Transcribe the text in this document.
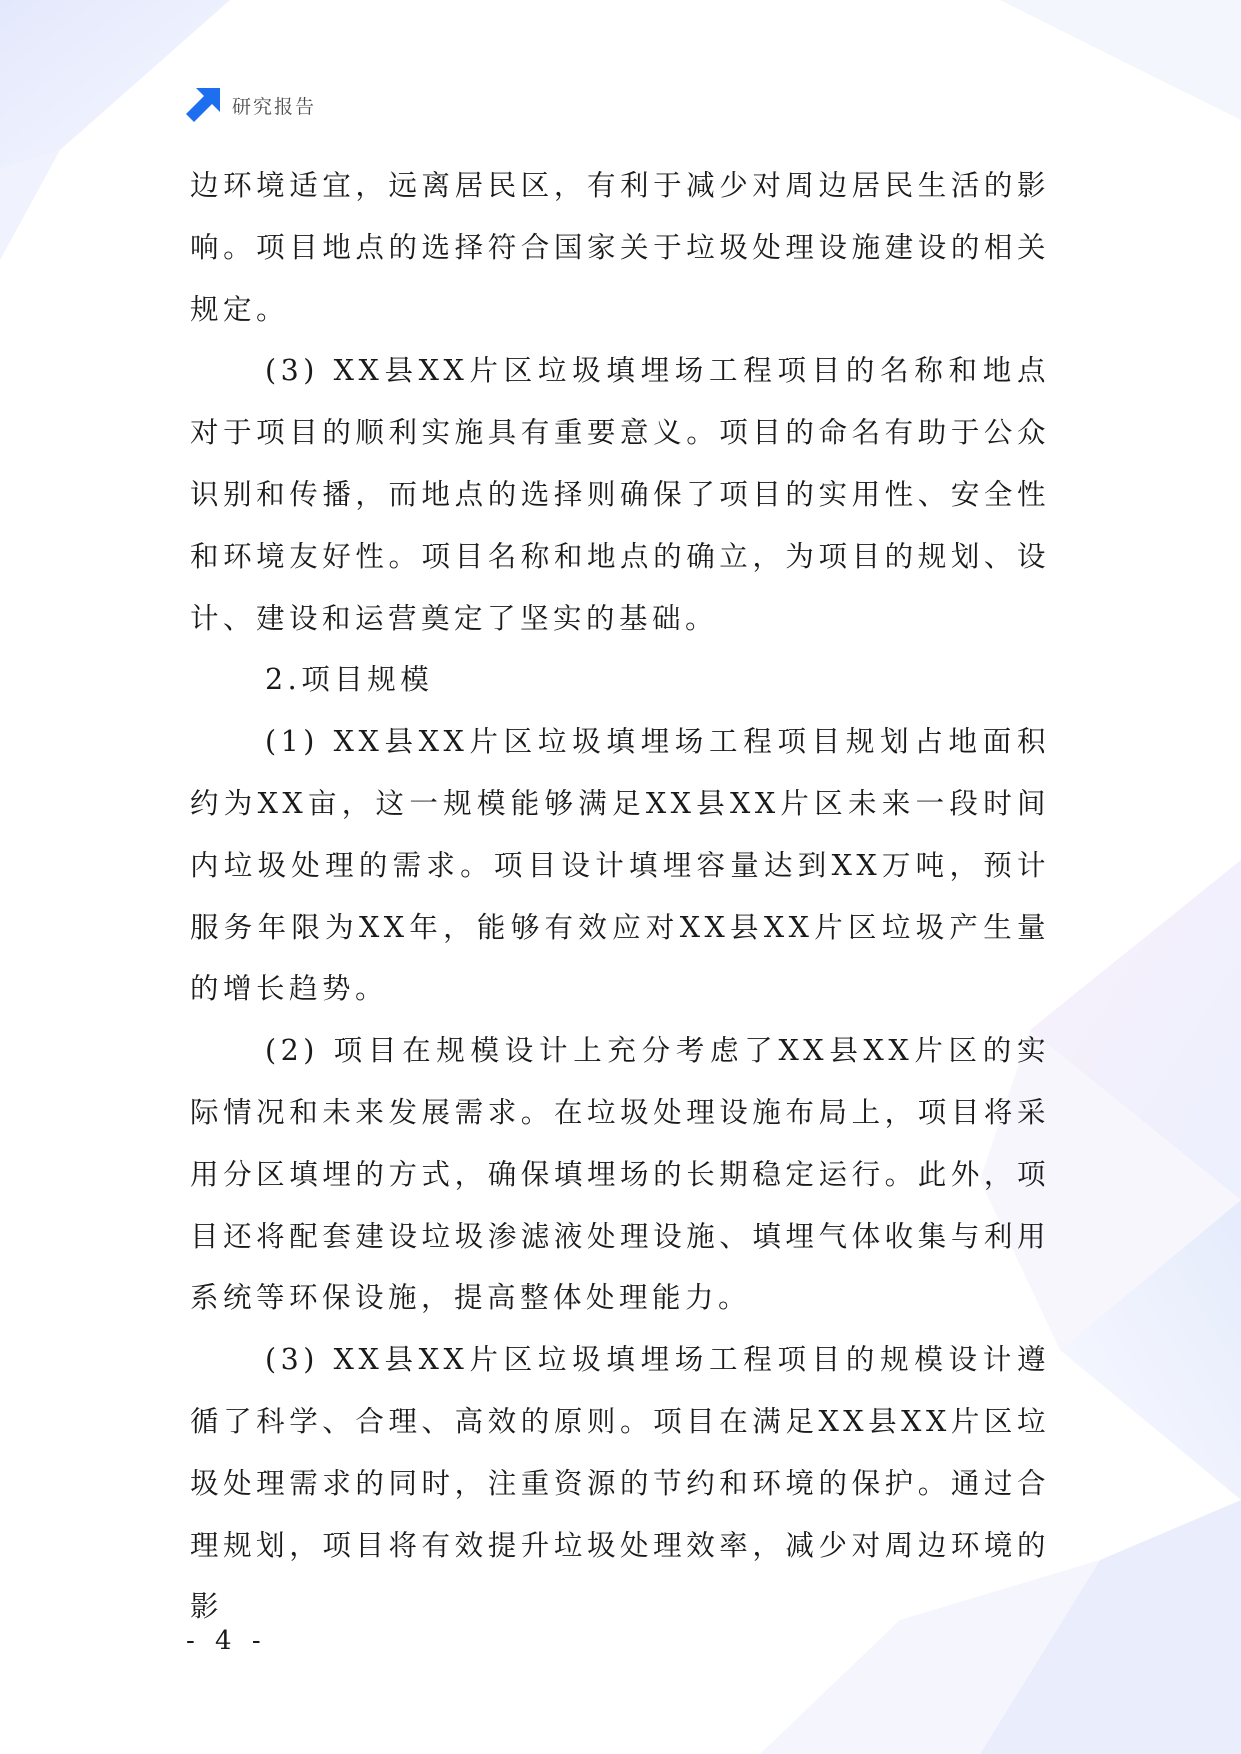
研究报告

边环境适宜，远离居民区，有利于减少对周边居民生活的影响。项目地点的选择符合国家关于垃圾处理设施建设的相关规定。

(3) XX县XX片区垃圾填埋场工程项目的名称和地点对于项目的顺利实施具有重要意义。项目的命名有助于公众识别和传播，而地点的选择则确保了项目的实用性、安全性和环境友好性。项目名称和地点的确立，为项目的规划、设计、建设和运营奠定了坚实的基础。

2.项目规模

(1) XX县XX片区垃圾填埋场工程项目规划占地面积约为XX亩，这一规模能够满足XX县XX片区未来一段时间内垃圾处理的需求。项目设计填埋容量达到XX万吨，预计服务年限为XX年，能够有效应对XX县XX片区垃圾产生量的增长趋势。

(2) 项目在规模设计上充分考虑了XX县XX片区的实际情况和未来发展需求。在垃圾处理设施布局上，项目将采用分区填埋的方式，确保填埋场的长期稳定运行。此外，项目还将配套建设垃圾渗滤液处理设施、填埋气体收集与利用系统等环保设施，提高整体处理能力。

(3) XX县XX片区垃圾填埋场工程项目的规模设计遵循了科学、合理、高效的原则。项目在满足XX县XX片区垃圾处理需求的同时，注重资源的节约和环境的保护。通过合理规划，项目将有效提升垃圾处理效率，减少对周边环境的影

- 4 -
